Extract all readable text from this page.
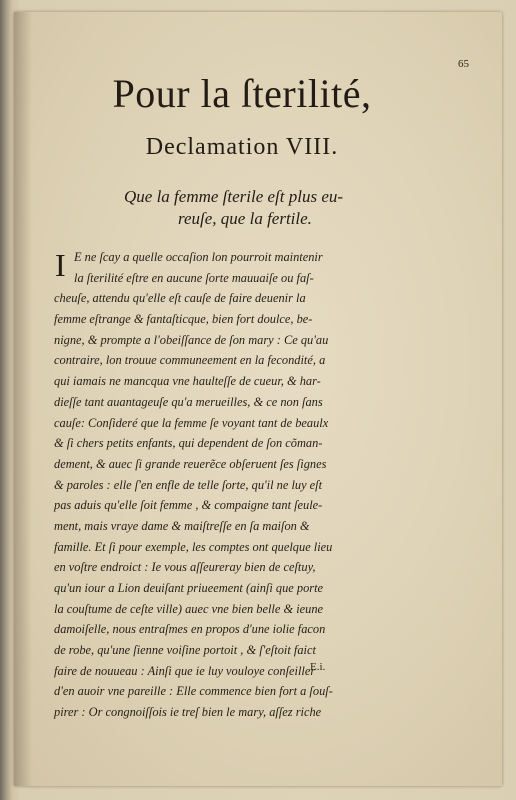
65
Pour la ſterilité,
Declamation VIII.
Que la femme ſterile eſt plus eu-
reuſe, que la fertile.
I E ne ſcay a quelle occaſion lon pourroit maintenir
la ſterilité eſtre en aucune ſorte mauuaiſe ou faſ-
cheuſe, attendu qu'elle eſt cauſe de faire deuenir la
femme eſtrange & fantaſticque, bien fort doulce, be-
nigne, & prompte a l'obeiſſance de ſon mary : Ce qu'au
contraire, lon trouue communeement en la fecondité, a
qui iamais ne mancqua vne haulteſſe de cueur, & har-
dieſſe tant auantageuſe qu'a merueilles, & ce non ſans
cauſe: Conſideré que la femme ſe voyant tant de beaulx
& ſi chers petits enfants, qui dependent de ſon cõman-
dement, & auec ſi grande reuerẽce obſeruent ſes ſignes
& paroles : elle ſ'en enfle de telle ſorte, qu'il ne luy eſt
pas aduis qu'elle ſoit femme , & compaigne tant ſeule-
ment, mais vraye dame & maiſtreſſe en ſa maiſon &
famille. Et ſi pour exemple, les comptes ont quelque lieu
en voſtre endroict : Ie vous aſſeureray bien de ceſtuy,
qu'un iour a Lion deuiſant priueement (ainſi que porte
la couſtume de ceſte ville) auec vne bien belle & ieune
damoiſelle, nous entraſmes en propos d'une iolie facon
de robe, qu'une ſienne voiſine portoit , & ſ'eſtoit faict
faire de nouueau : Ainſi que ie luy vouloye conſeiller
d'en auoir vne pareille : Elle commence bien fort a ſouſ-
pirer : Or congnoiſſois ie treſ bien le mary, aſſez riche
E.i.
